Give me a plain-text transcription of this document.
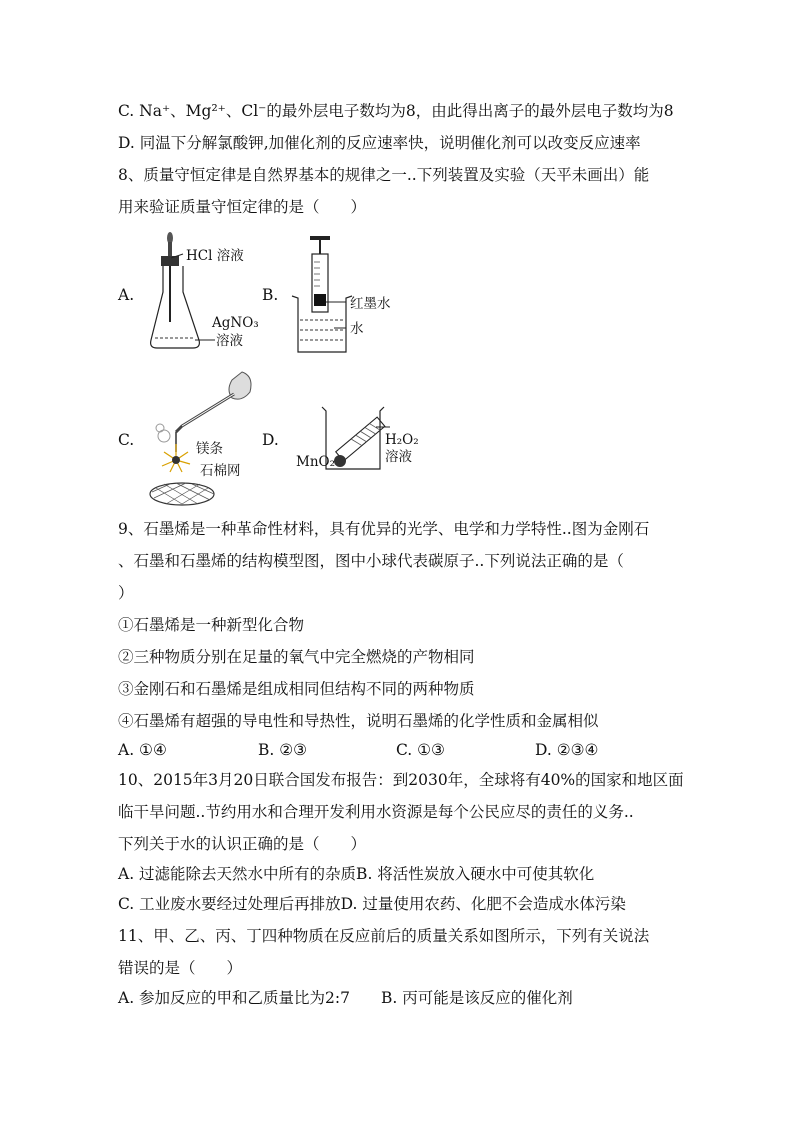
C. Na⁺、Mg²⁺、Cl⁻的最外层电子数均为8，由此得出离子的最外层电子数均为8
D. 同温下分解氯酸钾,加催化剂的反应速率快，说明催化剂可以改变反应速率
8、质量守恒定律是自然界基本的规律之一..下列装置及实验（天平未画出）能
用来验证质量守恒定律的是（　　）
A.	B.
C.	D.
HCl 溶液
AgNO₃
溶液
红墨水
水
镁条
石棉网
H₂O₂
溶液
MnO₂
9、石墨烯是一种革命性材料，具有优异的光学、电学和力学特性..图为金刚石
、石墨和石墨烯的结构模型图，图中小球代表碳原子..下列说法正确的是（
）
①石墨烯是一种新型化合物
②三种物质分别在足量的氧气中完全燃烧的产物相同
③金刚石和石墨烯是组成相同但结构不同的两种物质
④石墨烯有超强的导电性和导热性，说明石墨烯的化学性质和金属相似
A. ①④	B. ②③	C. ①③	D. ②③④
10、2015年3月20日联合国发布报告：到2030年，全球将有40%的国家和地区面
临干旱问题..节约用水和合理开发利用水资源是每个公民应尽的责任的义务..
下列关于水的认识正确的是（　　）
A. 过滤能除去天然水中所有的杂质B. 将活性炭放入硬水中可使其软化
C. 工业废水要经过处理后再排放D. 过量使用农药、化肥不会造成水体污染
11、甲、乙、丙、丁四种物质在反应前后的质量关系如图所示，下列有关说法
错误的是（　　）
A. 参加反应的甲和乙质量比为2:7　　B. 丙可能是该反应的催化剂
